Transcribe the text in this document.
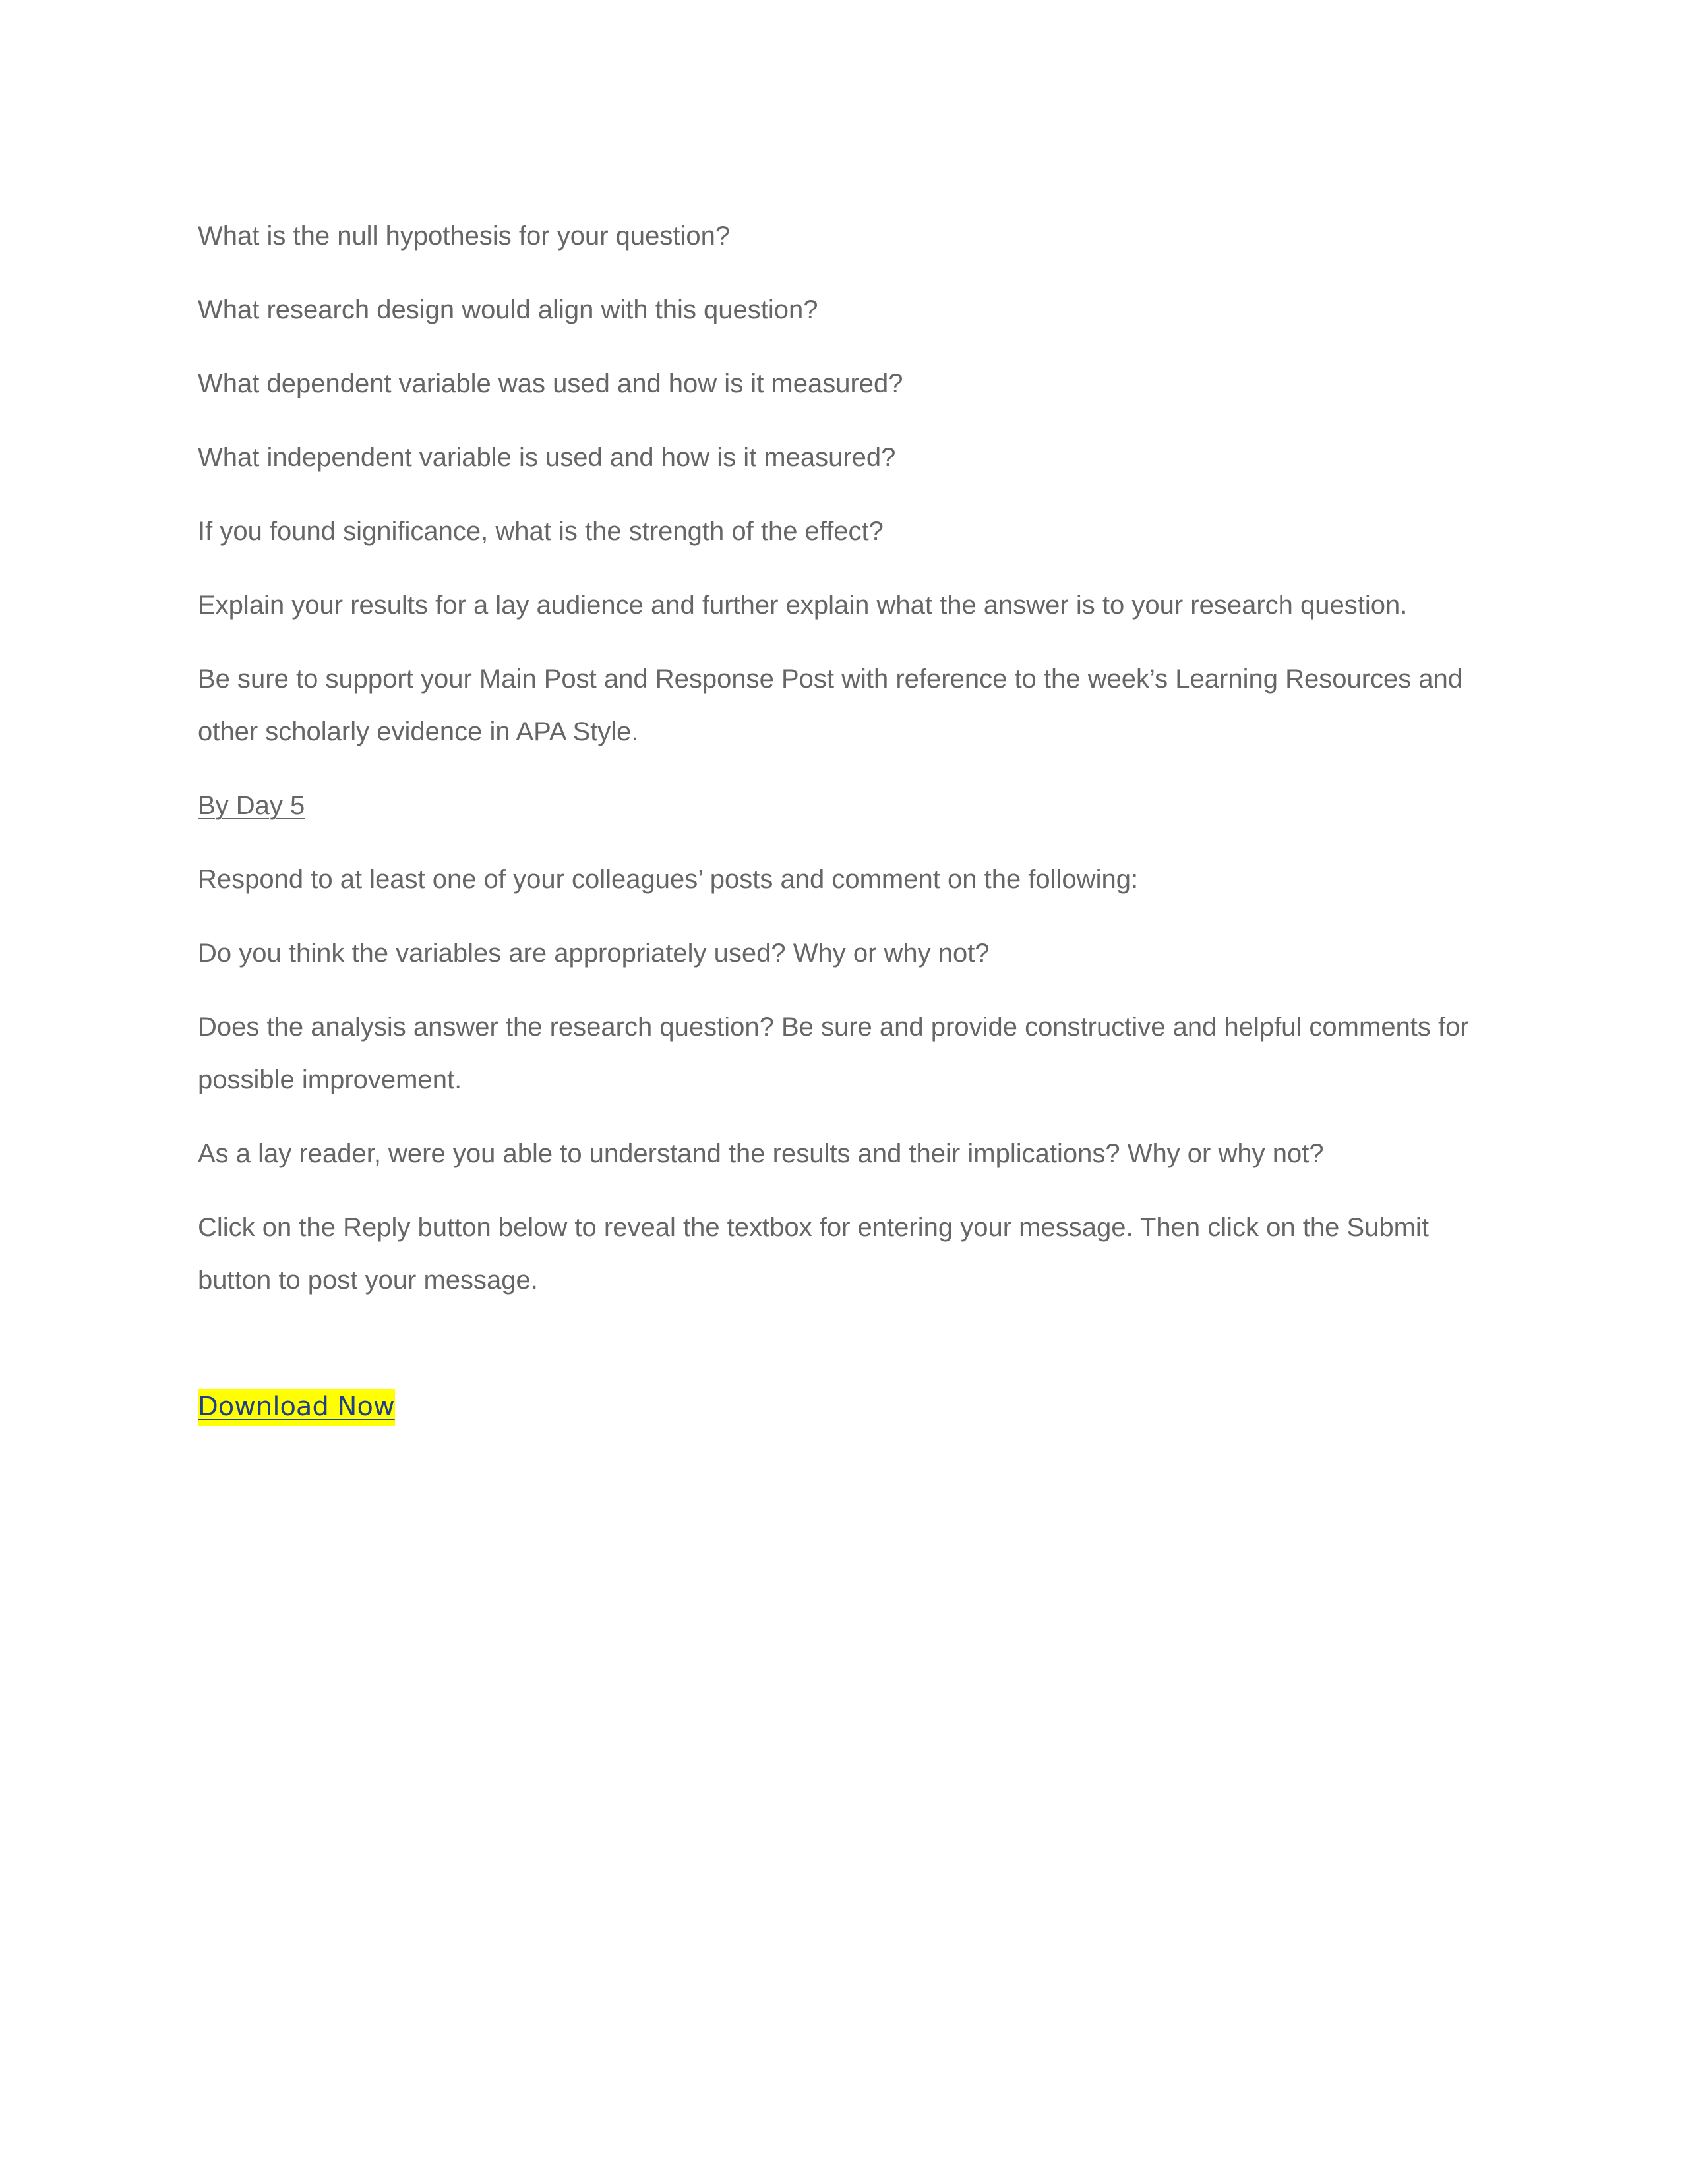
What is the null hypothesis for your question?

What research design would align with this question?

What dependent variable was used and how is it measured?

What independent variable is used and how is it measured?

If you found significance, what is the strength of the effect?

Explain your results for a lay audience and further explain what the answer is to your research question.

Be sure to support your Main Post and Response Post with reference to the week’s Learning Resources and other scholarly evidence in APA Style.

By Day 5

Respond to at least one of your colleagues’ posts and comment on the following:

Do you think the variables are appropriately used? Why or why not?

Does the analysis answer the research question? Be sure and provide constructive and helpful comments for possible improvement.

As a lay reader, were you able to understand the results and their implications? Why or why not?

Click on the Reply button below to reveal the textbox for entering your message. Then click on the Submit button to post your message.

Download Now
